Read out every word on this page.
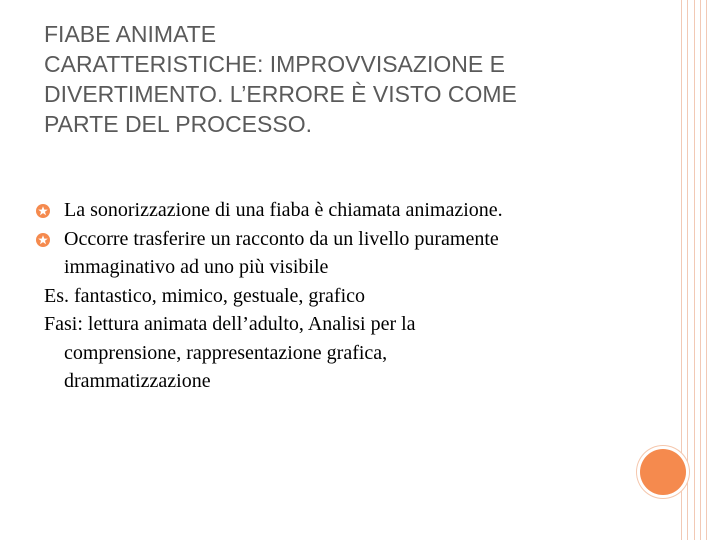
FIABE ANIMATE
CARATTERISTICHE: IMPROVVISAZIONE E
DIVERTIMENTO. L’ERRORE È VISTO COME
PARTE DEL PROCESSO.
La sonorizzazione di una fiaba è chiamata animazione.
Occorre trasferire un racconto da un livello puramente
immaginativo ad uno più visibile
Es. fantastico, mimico, gestuale, grafico
Fasi: lettura animata dell’adulto, Analisi per la
comprensione, rappresentazione grafica,
drammatizzazione
